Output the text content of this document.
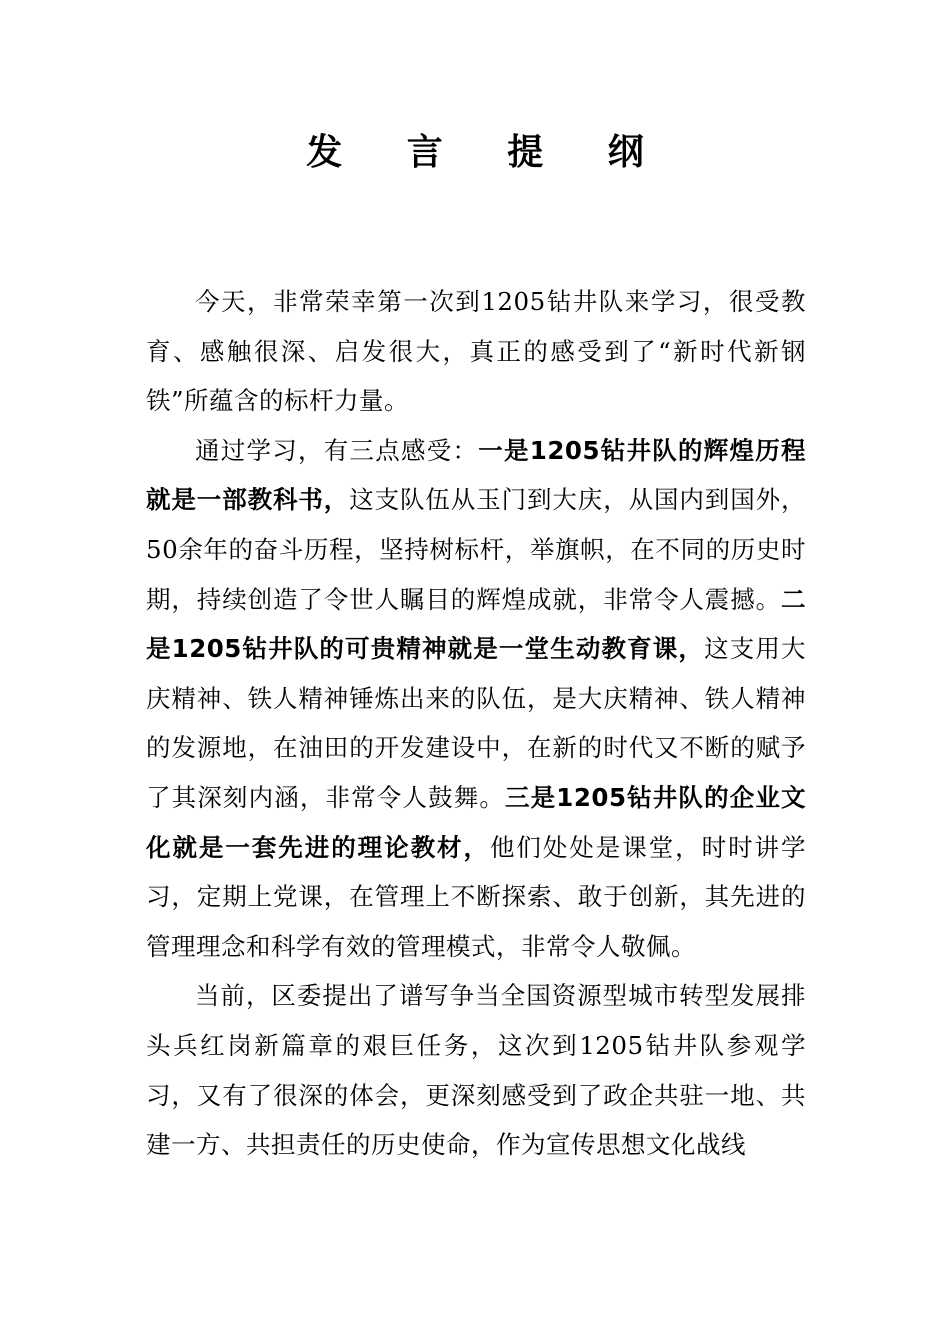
发 言 提 纲

今天，非常荣幸第一次到1205钻井队来学习，很受教育、感触很深、启发很大，真正的感受到了“新时代新钢铁”所蕴含的标杆力量。

通过学习，有三点感受：一是1205钻井队的辉煌历程就是一部教科书，这支队伍从玉门到大庆，从国内到国外，50余年的奋斗历程，坚持树标杆，举旗帜，在不同的历史时期，持续创造了令世人瞩目的辉煌成就，非常令人震撼。二是1205钻井队的可贵精神就是一堂生动教育课，这支用大庆精神、铁人精神锤炼出来的队伍，是大庆精神、铁人精神的发源地，在油田的开发建设中，在新的时代又不断的赋予了其深刻内涵，非常令人鼓舞。三是1205钻井队的企业文化就是一套先进的理论教材，他们处处是课堂，时时讲学习，定期上党课，在管理上不断探索、敢于创新，其先进的管理理念和科学有效的管理模式，非常令人敬佩。

当前，区委提出了谱写争当全国资源型城市转型发展排头兵红岗新篇章的艰巨任务，这次到1205钻井队参观学习，又有了很深的体会，更深刻感受到了政企共驻一地、共建一方、共担责任的历史使命，作为宣传思想文化战线
